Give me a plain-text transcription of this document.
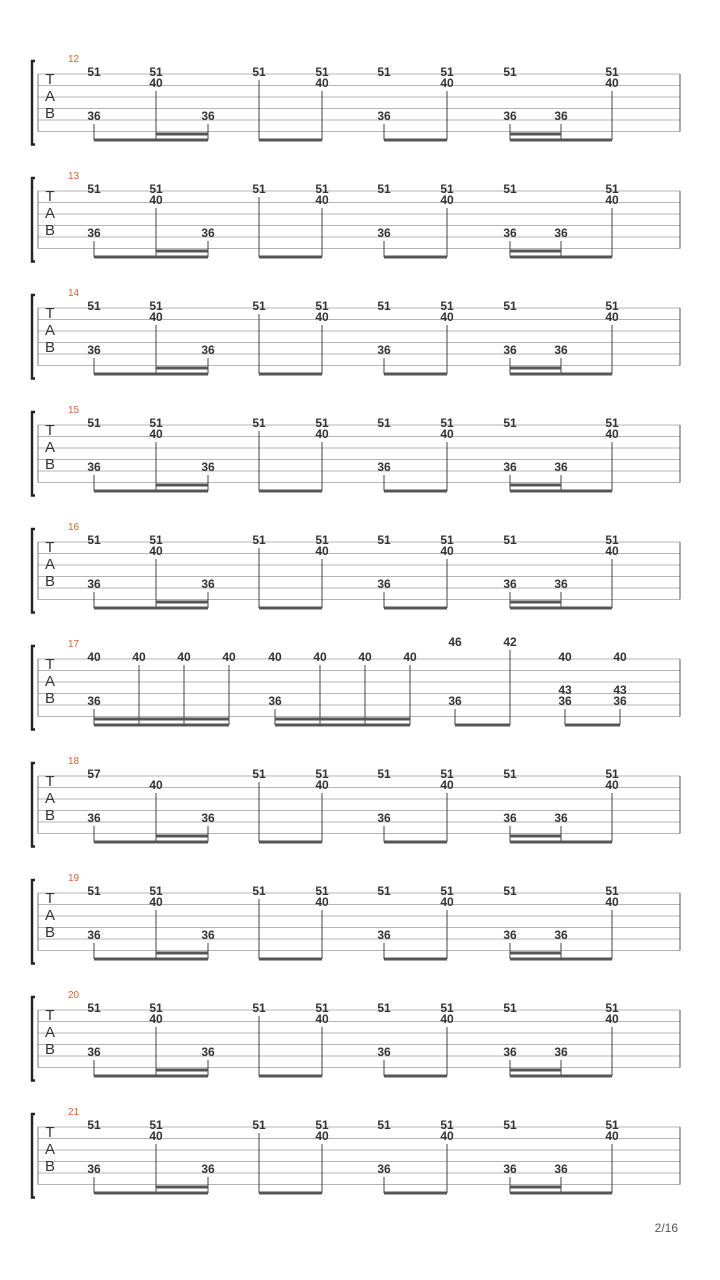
T
A
B
12
51
36
51
40
36
51	51
40
51
36
51
40
51
36	36
51
40
T
A
B
13
51
36
51
40
36
51	51
40
51
36
51
40
51
36	36
51
40
T
A
B
14
51
36
51
40
36
51	51
40
51
36
51
40
51
36	36
51
40
T
A
B
15
51
36
51
40
36
51	51
40
51
36
51
40
51
36	36
51
40
T
A
B
16
51
36
51
40
36
51	51
40
51
36
51
40
51
36	36
51
40
T
A
B
17
40
36
40	40	40	40
36
40	40	40
46
36
42
40
43
36
40
43
36
T
A
B
18
57
36
40
36
51	51
40
51
36
51
40
51
36	36
51
40
T
A
B
19
51
36
51
40
36
51	51
40
51
36
51
40
51
36	36
51
40
T
A
B
20
51
36
51
40
36
51	51
40
51
36
51
40
51
36	36
51
40
T
A
B
21
51
36
51
40
36
51	51
40
51
36
51
40
51
36	36
51
40
2/16
